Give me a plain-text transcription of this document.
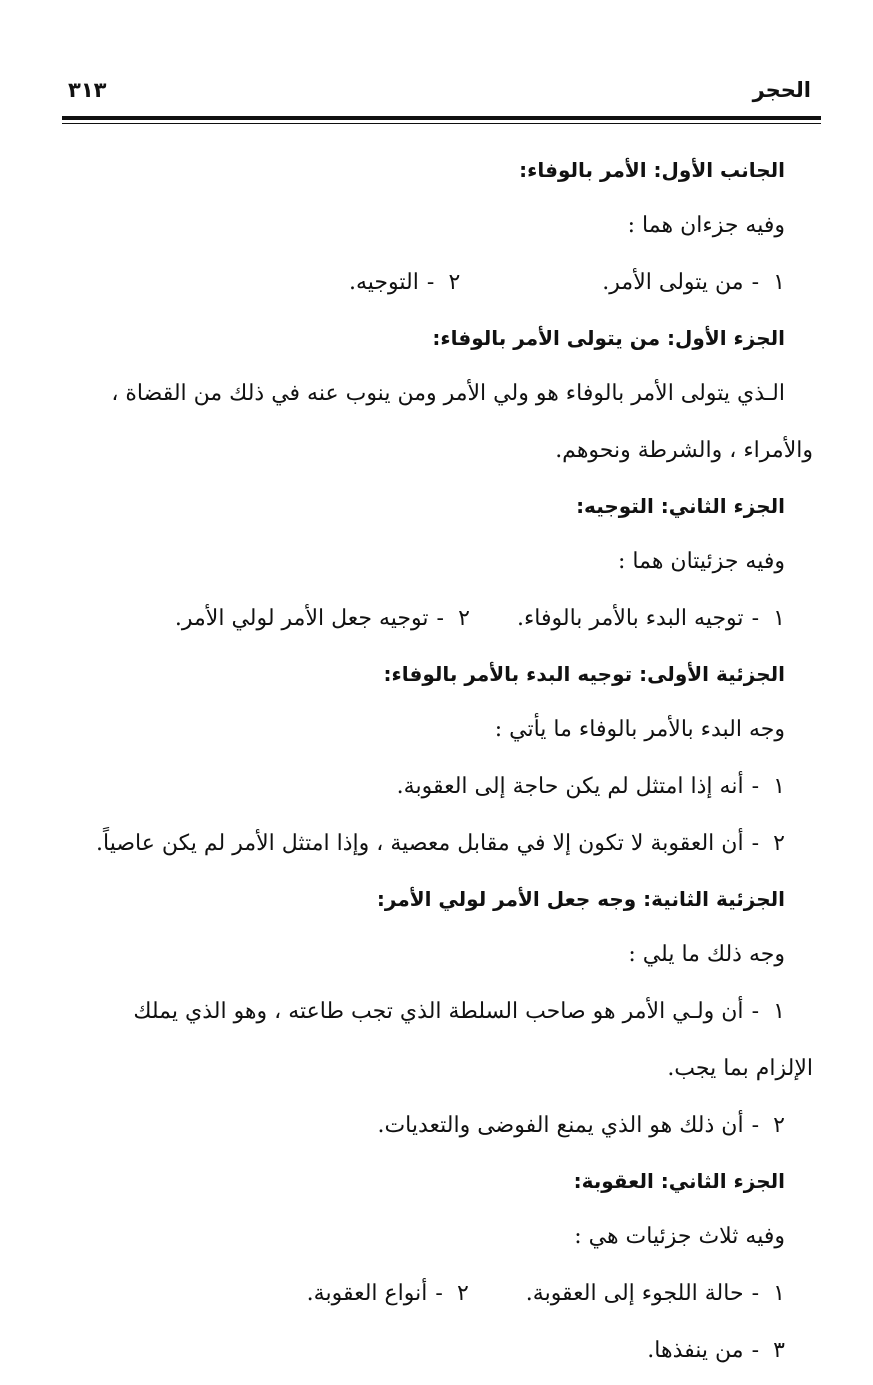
الحجر
٣١٣
الجانب الأول: الأمر بالوفاء:
وفيه جزءان هما :
١-من يتولى الأمر. ٢-التوجيه.
الجزء الأول: من يتولى الأمر بالوفاء:
الـذي يتولى الأمر بالوفاء هو ولي الأمر ومن ينوب عنه في ذلك من القضاة ،
والأمراء ، والشرطة ونحوهم.
الجزء الثاني: التوجيه:
وفيه جزئيتان هما :
١-توجيه البدء بالأمر بالوفاء. ٢-توجيه جعل الأمر لولي الأمر.
الجزئية الأولى: توجيه البدء بالأمر بالوفاء:
وجه البدء بالأمر بالوفاء ما يأتي :
١-أنه إذا امتثل لم يكن حاجة إلى العقوبة.
٢-أن العقوبة لا تكون إلا في مقابل معصية ، وإذا امتثل الأمر لم يكن عاصياً.
الجزئية الثانية: وجه جعل الأمر لولي الأمر:
وجه ذلك ما يلي :
١-أن ولـي الأمر هو صاحب السلطة الذي تجب طاعته ، وهو الذي يملك
الإلزام بما يجب.
٢-أن ذلك هو الذي يمنع الفوضى والتعديات.
الجزء الثاني: العقوبة:
وفيه ثلاث جزئيات هي :
١-حالة اللجوء إلى العقوبة. ٢-أنواع العقوبة.
٣-من ينفذها.
